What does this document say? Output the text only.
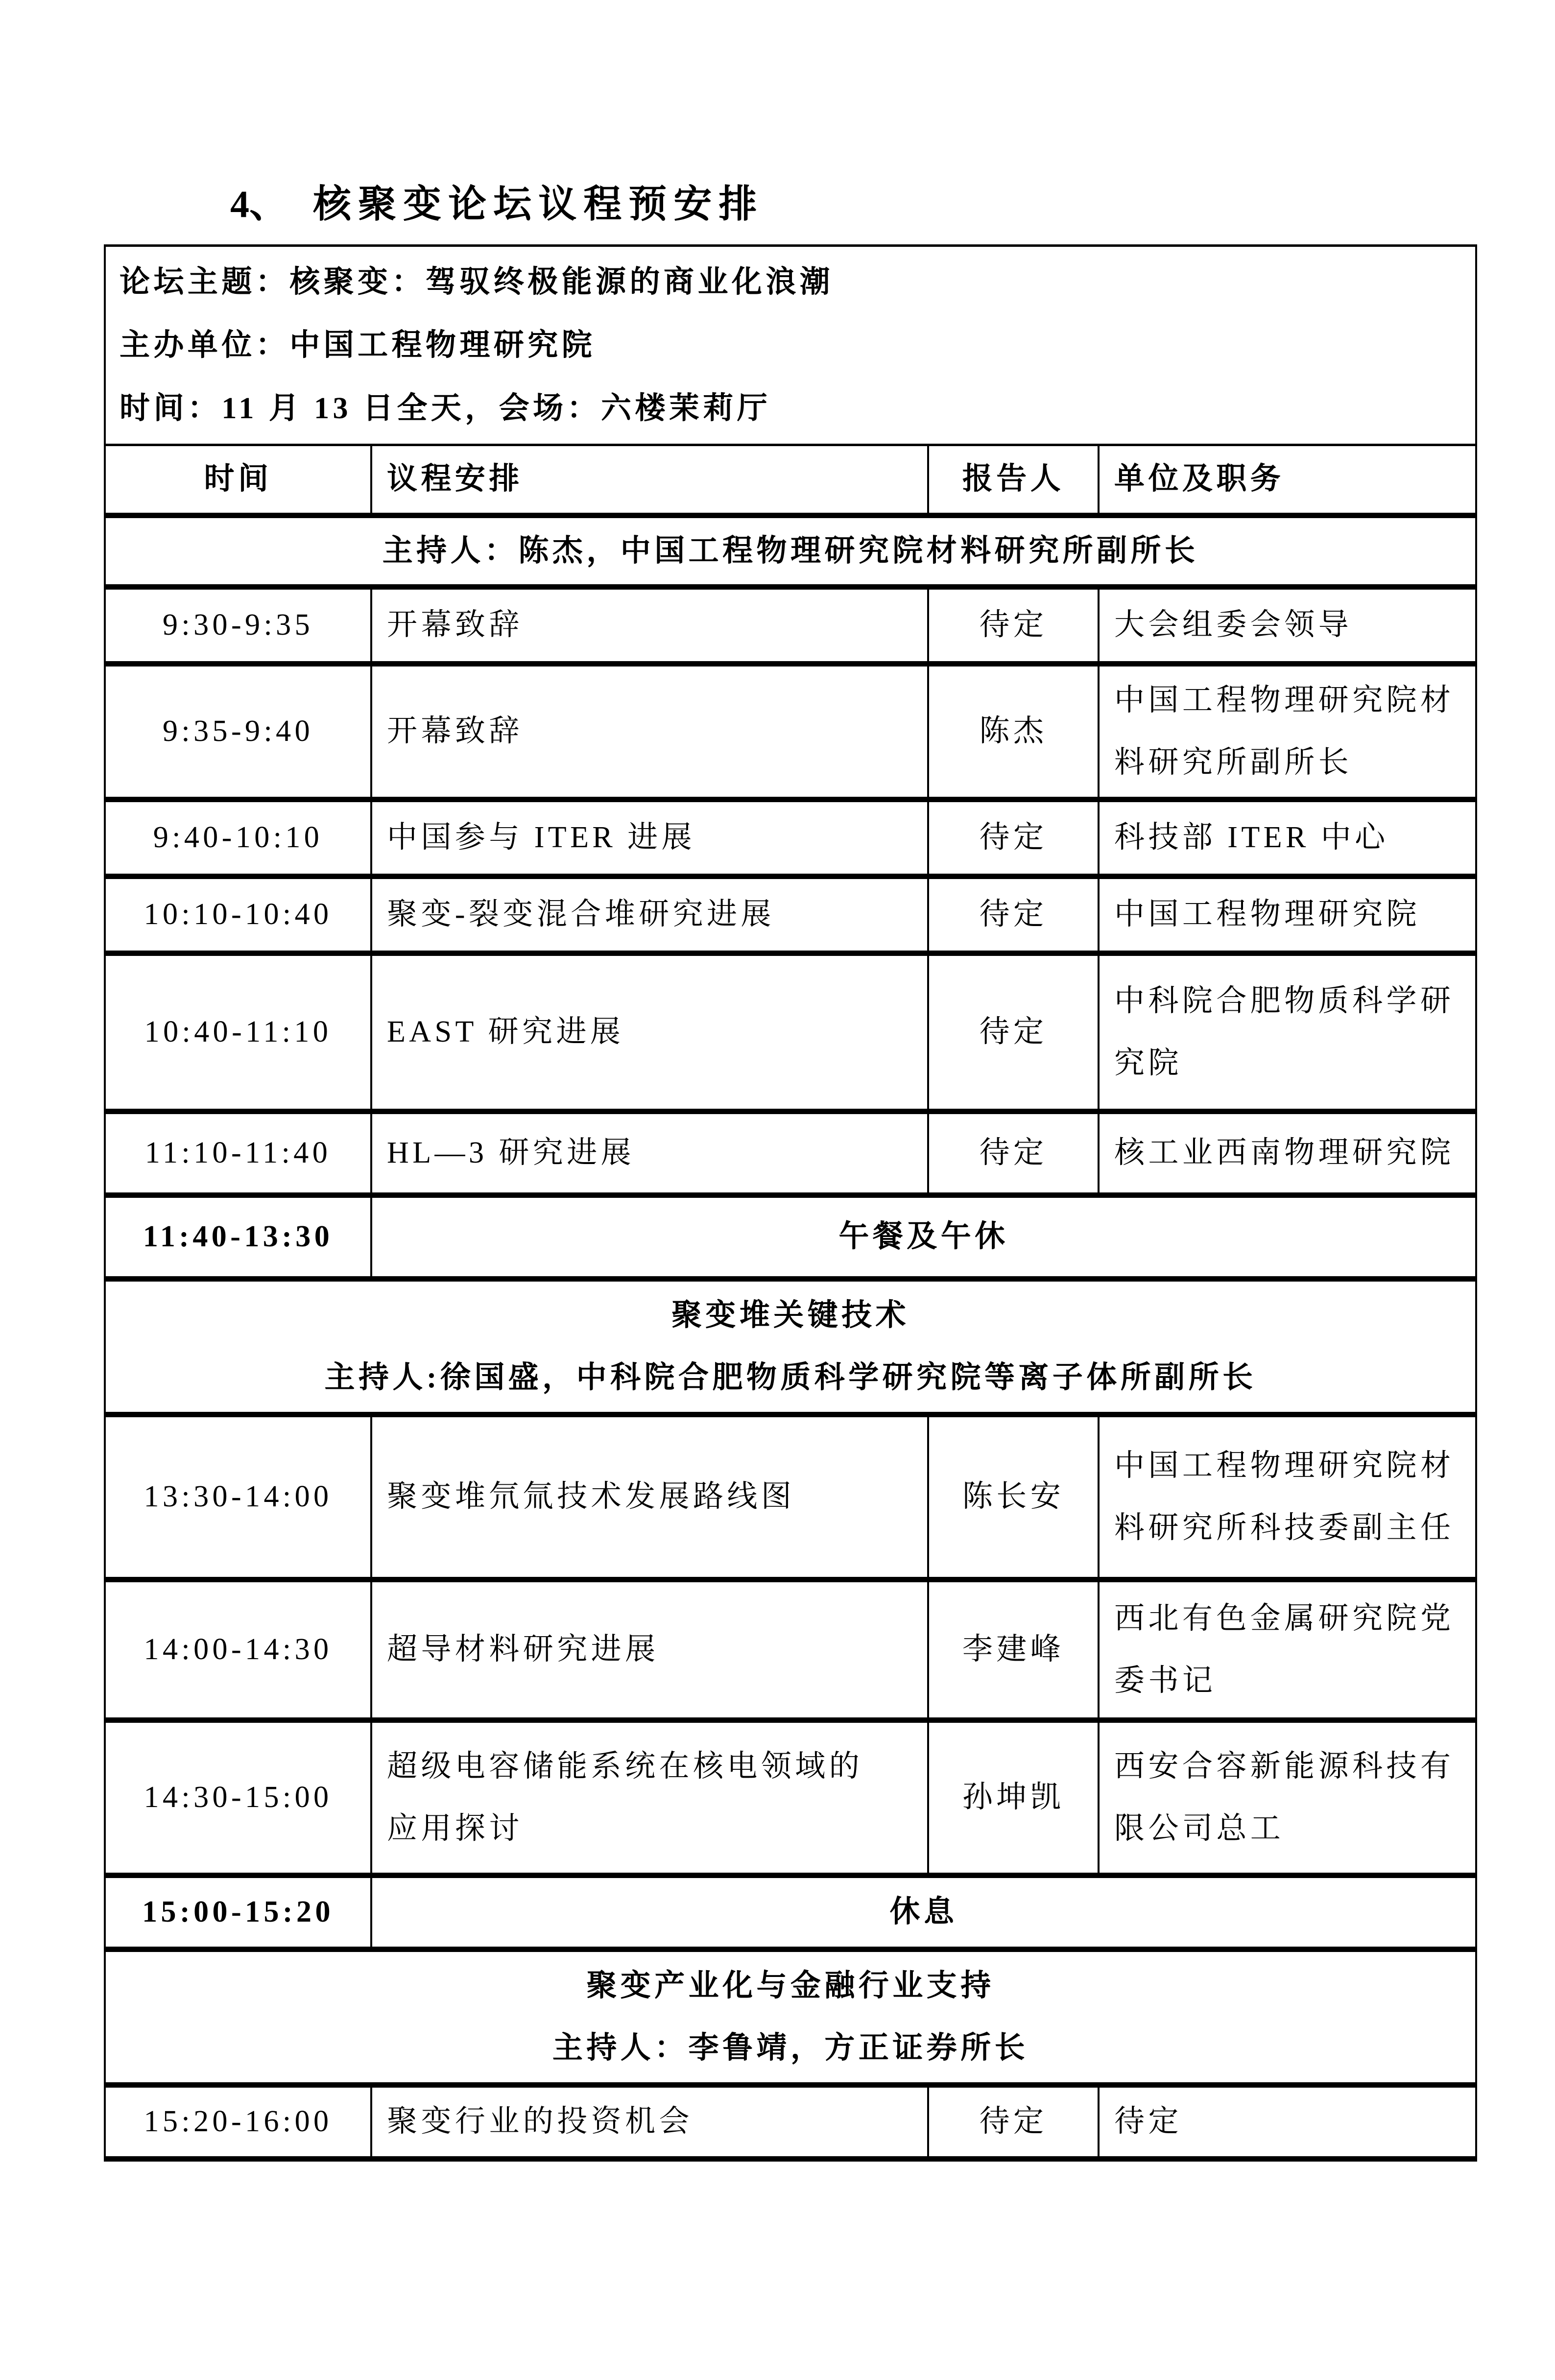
4、 核聚变论坛议程预安排
论坛主题：核聚变：驾驭终极能源的商业化浪潮
主办单位：中国工程物理研究院
时间：11 月 13 日全天，会场：六楼茉莉厅			

时间	议程安排	报告人	单位及职务
主持人：陈杰，中国工程物理研究院材料研究所副所长			
9:30-9:35	开幕致辞	待定	大会组委会领导
9:35-9:40	开幕致辞	陈杰	中国工程物理研究院材料研究所副所长
9:40-10:10	中国参与 ITER 进展	待定	科技部 ITER 中心
10:10-10:40	聚变-裂变混合堆研究进展	待定	中国工程物理研究院
10:40-11:10	EAST 研究进展	待定	中科院合肥物质科学研究院
11:10-11:40	HL—3 研究进展	待定	核工业西南物理研究院
11:40-13:30	午餐及午休		

聚变堆关键技术
主持人:徐国盛，中科院合肥物质科学研究院等离子体所副所长			

13:30-14:00	聚变堆氘氚技术发展路线图	陈长安	中国工程物理研究院材料研究所科技委副主任
14:00-14:30	超导材料研究进展	李建峰	西北有色金属研究院党委书记
14:30-15:00	超级电容储能系统在核电领域的应用探讨	孙坤凯	西安合容新能源科技有限公司总工
15:00-15:20	休息		

聚变产业化与金融行业支持
主持人：李鲁靖，方正证券所长			

15:20-16:00	聚变行业的投资机会	待定	待定
